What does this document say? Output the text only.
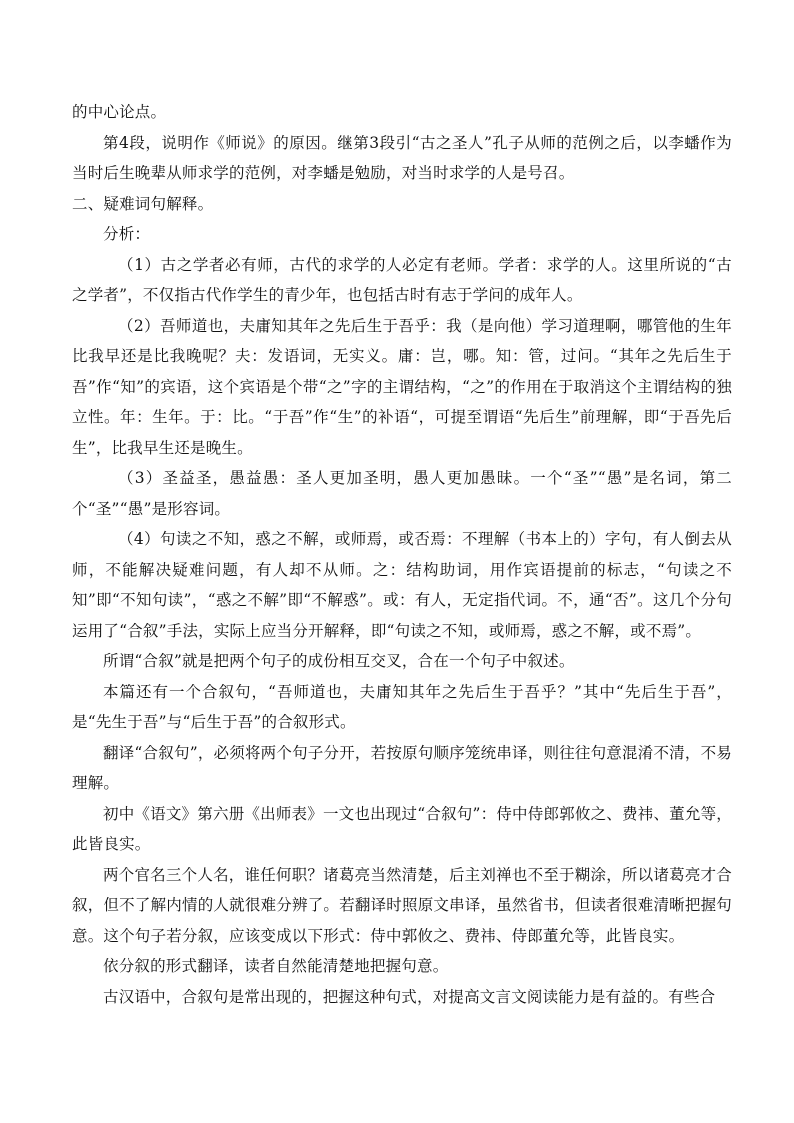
的中心论点。

第4段，说明作《师说》的原因。继第3段引“古之圣人”孔子从师的范例之后，以李蟠作为当时后生晚辈从师求学的范例，对李蟠是勉励，对当时求学的人是号召。

二、疑难词句解释。

分析：

（1）古之学者必有师，古代的求学的人必定有老师。学者：求学的人。这里所说的“古之学者”，不仅指古代作学生的青少年，也包括古时有志于学问的成年人。

（2）吾师道也，夫庸知其年之先后生于吾乎：我（是向他）学习道理啊，哪管他的生年比我早还是比我晚呢？夫：发语词，无实义。庸：岂，哪。知：管，过问。“其年之先后生于吾”作“知”的宾语，这个宾语是个带“之”字的主谓结构，“之”的作用在于取消这个主谓结构的独立性。年：生年。于：比。“于吾”作“生”的补语“，可提至谓语“先后生”前理解，即“于吾先后生”，比我早生还是晚生。

（3）圣益圣，愚益愚：圣人更加圣明，愚人更加愚昧。一个“圣”“愚”是名词，第二个“圣”“愚”是形容词。

（4）句读之不知，惑之不解，或师焉，或否焉：不理解（书本上的）字句，有人倒去从师，不能解决疑难问题，有人却不从师。之：结构助词，用作宾语提前的标志，“句读之不知”即“不知句读”，“惑之不解”即“不解惑”。或：有人，无定指代词。不，通“否”。这几个分句运用了“合叙”手法，实际上应当分开解释，即“句读之不知，或师焉，惑之不解，或不焉”。

所谓“合叙”就是把两个句子的成份相互交叉，合在一个句子中叙述。

本篇还有一个合叙句，“吾师道也，夫庸知其年之先后生于吾乎？”其中“先后生于吾”，是“先生于吾”与“后生于吾”的合叙形式。

翻译“合叙句”，必须将两个句子分开，若按原句顺序笼统串译，则往往句意混淆不清，不易理解。

初中《语文》第六册《出师表》一文也出现过“合叙句”：侍中侍郎郭攸之、费祎、董允等，此皆良实。

两个官名三个人名，谁任何职？诸葛亮当然清楚，后主刘禅也不至于糊涂，所以诸葛亮才合叙，但不了解内情的人就很难分辨了。若翻译时照原文串译，虽然省书，但读者很难清晰把握句意。这个句子若分叙，应该变成以下形式：侍中郭攸之、费祎、侍郎董允等，此皆良实。

依分叙的形式翻译，读者自然能清楚地把握句意。

古汉语中，合叙句是常出现的，把握这种句式，对提高文言文阅读能力是有益的。有些合
